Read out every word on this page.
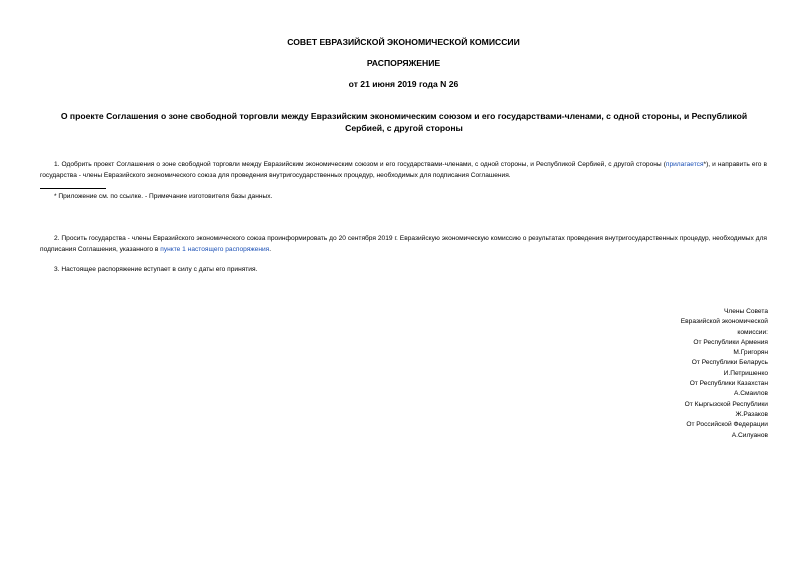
СОВЕТ ЕВРАЗИЙСКОЙ ЭКОНОМИЧЕСКОЙ КОМИССИИ
РАСПОРЯЖЕНИЕ
от 21 июня 2019 года N 26
О проекте Соглашения о зоне свободной торговли между Евразийским экономическим союзом и его государствами-членами, с одной стороны, и Республикой Сербией, с другой стороны
1. Одобрить проект Соглашения о зоне свободной торговли между Евразийским экономическим союзом и его государствами-членами, с одной стороны, и Республикой Сербией, с другой стороны (прилагается*), и направить его в государства - члены Евразийского экономического союза для проведения внутригосударственных процедур, необходимых для подписания Соглашения.
* Приложение см. по ссылке. - Примечание изготовителя базы данных.
2. Просить государства - члены Евразийского экономического союза проинформировать до 20 сентября 2019 г. Евразийскую экономическую комиссию о результатах проведения внутригосударственных процедур, необходимых для подписания Соглашения, указанного в пункте 1 настоящего распоряжения.
3. Настоящее распоряжение вступает в силу с даты его принятия.
Члены Совета
Евразийской экономической
комиссии:
От Республики Армения
М.Григорян
От Республики Беларусь
И.Петришенко
От Республики Казахстан
А.Смаилов
От Кыргызской Республики
Ж.Разаков
От Российской Федерации
А.Силуанов
